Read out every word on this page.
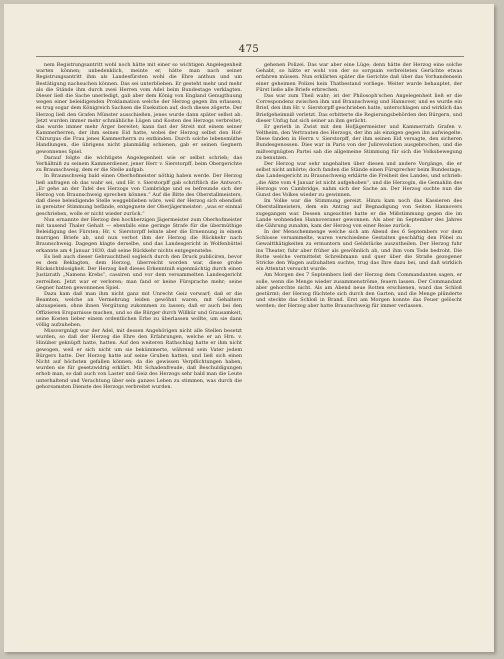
475

nem Registrungsantritt wohl noch hätte mit einer so wichtigen Angelegenheit warten können; unbedenklich, meinte er, hätte man nach seiner Registrungsantritt ihm als Landesfürsten wohl die Ehre anthun und um Bestätigung nachsuchen können. Das sei unterblieben. Er gesteht mehr und mehr als die Stände ihm durch zwei Herren vom Adel beim Bundestage verklagten. Dieser ließ die Sache unerledigt, gab aber dem König von England Genugthuung wegen einer beleidigenden Proklamation welche der Herzog gegen ihn erlassen; es trug sogar dem Königreich Sachsen die Exekution auf, doch dieses zögerte. Der Herzog ließ den Grafen Münster ausschießen, jenes wurde dann später selbst ab. Jetzt wurden immer mehr schmähliche Lügen und Kosten des Herzogs verbreitet; das wurde immer mehr Ärger bereitet; kann fast der Streit mit einem seiner Kammerherren, der ihm seinen Eid hatte, wobei der Herzog selbst den Hof-Chirurgus die Frau jenes Kammerherrn zu entbinden. Durch solche lebensmüthe Handlungen, die übrigens nicht planmäßig schienen, gab er seinen Gegnern gewonnenes Spiel.

Darauf folgte die wichtigste Angelegenheit wie er selbst schrieb; das Verhältniß zu seinem Kammerdiener, jener Herr v. Sierstorpff, beim Obergerichte zu Braunschweig, dem er die Stelle aufgab.

In Braunschweig bald einen Oberhofmeister nöthig haben werde. Der Herzog ließ anfragen ob das wahr sei, und Hr. v. Sierstorpff gab schriftlich die Antwort: „Er gehe an der Tafel des Herzogs von Cambridge und es befreunde sich der Herzog von Braunschweig sprechen können.“ Auf die Bitte des Oberstallmeisters, daß diese beleidigende Stelle weggeblieben wäre, weil der Herzog sich ebendieß in gereizter Stimmung befände, entgegnete der Oberjägermeister: „was er einmal geschrieben, wolle er nicht wieder zurück.“

Nun ernannte der Herzog den hochberzigen Jägermeister zum Oberhofmeister mit tausend Thaler Gehalt — ebenfalls eine geringe Strafe für die übermüthige Beleidigung des Fürsten; Hr. v. Sierstorpff lehnte aber die Ernennung in einem murrigen Briefe ab, und nun verbot ihm der Herzog die Rückkehr nach Braunschweig. Dagegen klagte derselbe, und das Landesgericht in Wolfenbüttel erkannte am 4 Januar 1830, daß seine Rückkehr nichts entgegenstehe.

Es ließ auch dieser Gebrauchtheil sogleich durch den Druck publiciren, bevor es dem Beklagten, dem Herzog, überreicht worden war, diese grobe Rücksichtslosigkeit. Der Herzog ließ dieses Erkenntniß eigenmächtig durch einen Justizrath „Namens Krebs“, cassiren und vor dem versammelten Landesgericht zerreißen. Jetzt war er verloren; man fand er keine Fürsprache mehr; seine Gegner hatten gewonnenes Spiel.

Dazu kam daß man ihm nicht ganz mit Unrecht Geiz vorwarf; daß er die Beamten, welche an Vermehrung leiden gewöhnt waren, mit Gehaltern abzuspeisen, ohne ihnen Vergütung zukommen zu lassen; daß er auch bei den Offizieren Ersparnisse machen, und so die Bürger durch Willkür und Grausamkeit, seine Kosten lieber einem ordentlichen Erbe zu überlassen wollte, um sie dann völlig aufzuheben.

Missvergnügt war der Adel, mit dessen Angehörigen nicht alle Stellen besetzt wurden, so daß der Herzog die Ehre den Erfahrungen, welche er an Hrn. v. Hinüber geknüpft hatte, hatten. Auf den weiteren Rathschlag hatte er ihm nicht gewogen, weil er sich nicht um sie bekümmerte, während sein Vater jedem Bürgers hatte. Der Herzog hatte auf seine Gruben hatten, und ließ sich einen Nicht auf höchsten gefallen können; da die gewissen Verpflichtungen haben, wurden sie für gesetzwidrig erklärt. Mit Schadenfreude, daß Beschuldigungen erhob man, so daß auch von Laster und Geiz des Herzogs sehr bald man die Leute unterhaltend und Verachtung über sein ganzes Leben zu stimmen, was durch die gehorsamsten Dienste des Herzogs verbreitet wurden.

gehenen Polizei. Das war aber eine Lüge; denn hätte der Herzog eine solche Gehabt, so hätte er wohl von der so sorgsam verbreiteten Gerüchte etwas erfahren müssen. Nun erklärten später die Gerichte daß über das Vorhandensein einer geheimen Polizei kein Thatbestand vorliege. Weiter wurde behauptet, der Fürst ließe alle Briefe erbrechen.

Das war zum Theil wahr; ist der Philosoph'schen Angelegenheit ließ er die Correspondenz zwischen ihm und Braunschweig und Hannover, und es wurde ein Brief, den ihm Hr. v. Sierstorpff geschrieben hatte, unterschlagen und wirklich das Briefgeheimniß verletzt. Das erbitterte die Regierungsbehörden den Bürgern, und dieser Unfug hat sich seiner an ihm gerächt.

Er gerieth in Zwist mit den Hofjägermeister und Kammerrath Grafen v. Veltheim, den Vertrauten des Herzogs, der ihn als einzigen gegen ihn aufwiegelte. Diese fanden in Herrn v. Sierstorpff, der ihm seinen Eid versagte, den sicheren Bundesgenossen. Dies war in Paris von der Julirevolution ausgebrochen, und die mißvergnügten Partei sah die allgemeine Stimmung für sich die Volksbewegung zu benutzen.

Der Herzog war sehr ungehalten über diesen und andere Vorgänge, die er selbst nicht anhörte; doch fanden die Stände einen Fürsprecher beim Bundestage, das Landesgericht zu Braunschweig erklärte die Freiheit des Landes, und schrieb: „die Akte vom 4 Januar ist nicht aufgehoben“, und die Herzogin, die Gemahlin des Herzogs von Cambridge, nahm sich der Sache an. Der Herzog suchte nun die Gunst des Volkes wieder zu gewinnen.

Im Volke war die Stimmung gereizt. Hinzu kam noch das Kassieren des Oberstallmeisters, dem ein Antrag auf Begnadigung von Seiten Hannovers zugegangen war. Dessen ungeachtet hatte er die Mißstimmung gegen die im Lande wohnenden Hannoveraner gewonnen. Als aber im September des Jahres die Gährung zunahm, kam der Herzog von einer Reise zurück.

In der Menschenmenge welche sich am Abend des 6 Septembers vor dem Schlosse versammelte, waren verschiedene Gestalten geschäftig den Pöbel zu Gewaltthätigkeiten zu ermuntern und Geldstücke auszutheilen. Der Herzog fuhr ins Theater, fuhr aber früher als gewöhnlich ab, und ihm vom Tode bedroht. Die Rotte welche vermittelst Schreibmann und quer über die Straße gezogener Stricke den Wagen aufzuhalten suchte, trug das Ihre dazu bei, und daß wirklich ein Attentat versucht wurde.

Am Morgen des 7 Septembers ließ der Herzog dem Commandanten sagen, er solle, wenn die Menge wieder zusammenströme, feuern lassen. Der Commandant aber gehorchte nicht. Als am Abend neue Rotten erschienen, ward das Schloß gestürmt; der Herzog flüchtete sich durch den Garten, und die Menge plünderte und steckte das Schloß in Brand. Erst am Morgen konnte das Feuer gelöscht werden; der Herzog aber hatte Braunschweig für immer verlassen.
